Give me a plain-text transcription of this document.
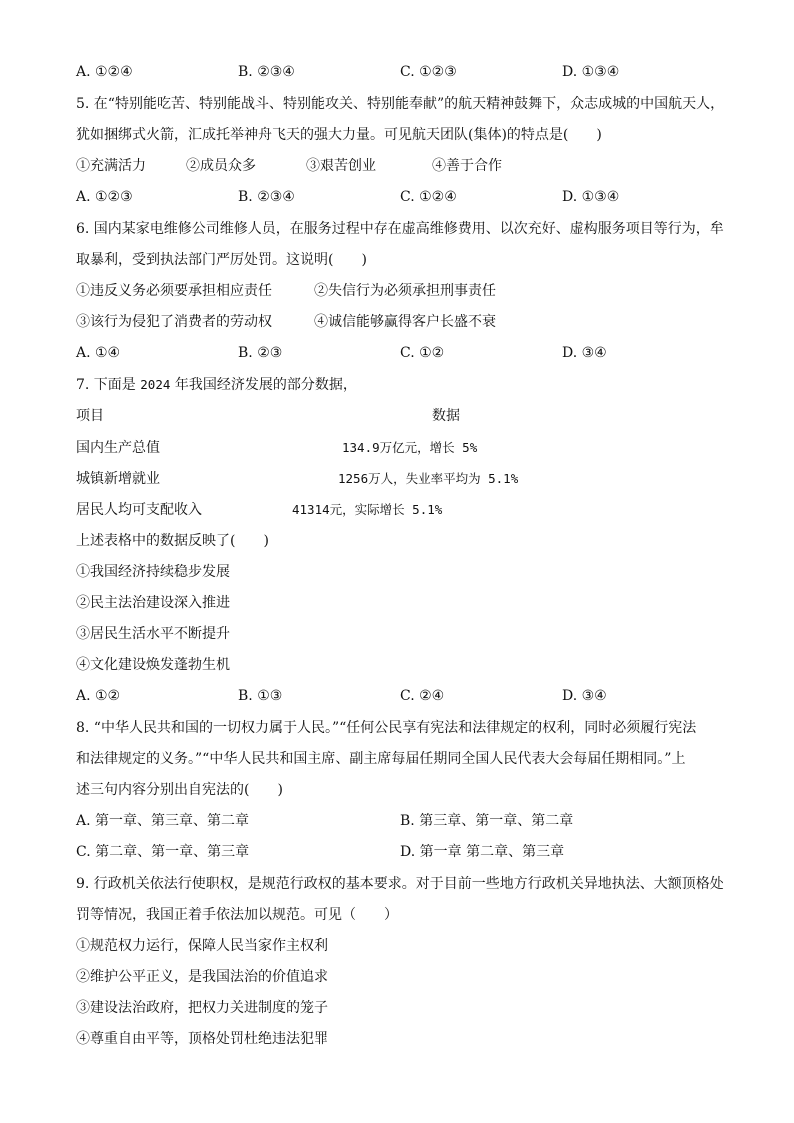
A. ①②④	B. ②③④	C. ①②③	D. ①③④
5. 在“特别能吃苦、特别能战斗、特别能攻关、特别能奉献”的航天精神鼓舞下，众志成城的中国航天人，
犹如捆绑式火箭，汇成托举神舟飞天的强大力量。可见航天团队(集体)的特点是(　　)
①充满活力	②成员众多	③艰苦创业	④善于合作
A. ①②③	B. ②③④	C. ①②④	D. ①③④
6. 国内某家电维修公司维修人员，在服务过程中存在虚高维修费用、以次充好、虚构服务项目等行为，牟
取暴利，受到执法部门严厉处罚。这说明(　　)
①违反义务必须要承担相应责任	②失信行为必须承担刑事责任
③该行为侵犯了消费者的劳动权	④诚信能够赢得客户长盛不衰
A. ①④	B. ②③	C. ①②	D. ③④
7. 下面是 2024 年我国经济发展的部分数据，
项目	数据
国内生产总值	134.9万亿元，增长 5%
城镇新增就业	1256万人，失业率平均为 5.1%
居民人均可支配收入	41314元，实际增长 5.1%
上述表格中的数据反映了(　　)
①我国经济持续稳步发展
②民主法治建设深入推进
③居民生活水平不断提升
④文化建设焕发蓬勃生机
A. ①②	B. ①③	C. ②④	D. ③④
8. “中华人民共和国的一切权力属于人民。”“任何公民享有宪法和法律规定的权利，同时必须履行宪法
和法律规定的义务。”“中华人民共和国主席、副主席每届任期同全国人民代表大会每届任期相同。”上
述三句内容分别出自宪法的(　　)
A. 第一章、第三章、第二章	B. 第三章、第一章、第二章
C. 第二章、第一章、第三章	D. 第一章 第二章、第三章
9. 行政机关依法行使职权，是规范行政权的基本要求。对于目前一些地方行政机关异地执法、大额顶格处
罚等情况，我国正着手依法加以规范。可见（　　）
①规范权力运行，保障人民当家作主权利
②维护公平正义，是我国法治的价值追求
③建设法治政府，把权力关进制度的笼子
④尊重自由平等，顶格处罚杜绝违法犯罪
